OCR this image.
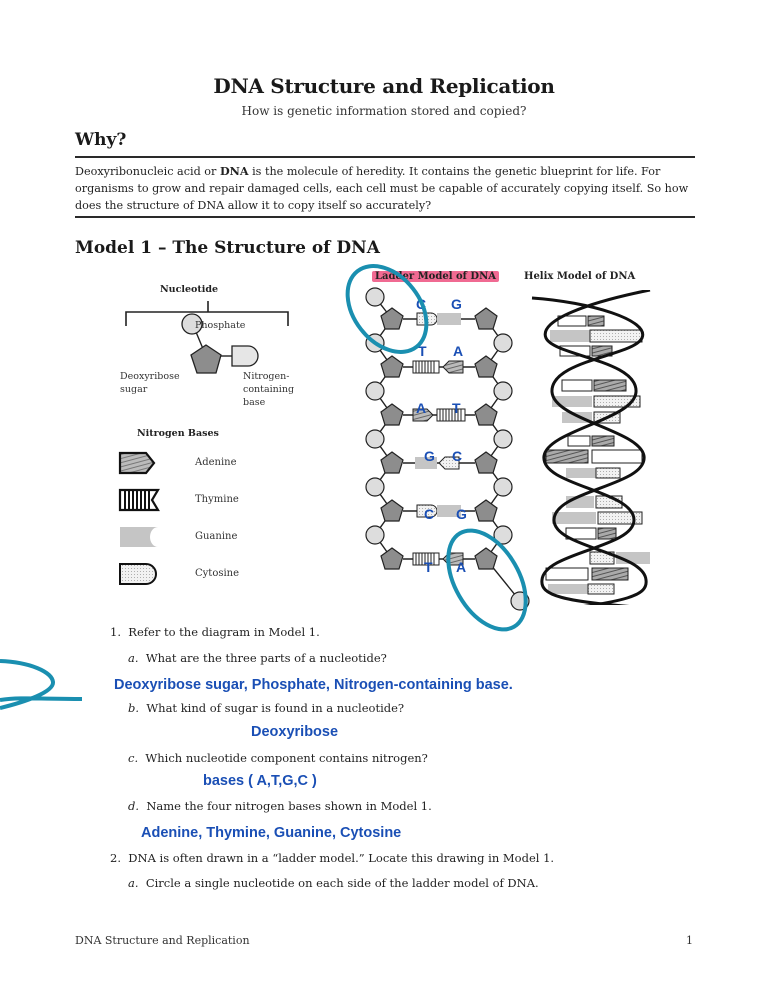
DNA Structure and Replication
How is genetic information stored and copied?
Why?
Deoxyribonucleic acid or DNA is the molecule of heredity. It contains the genetic blueprint for life. For organisms to grow and repair damaged cells, each cell must be capable of accurately copying itself. So how does the structure of DNA allow it to copy itself so accurately?
Model 1 – The Structure of DNA
Nucleotide
Phosphate
Deoxyribose
sugar
Nitrogen-
containing
base
Nitrogen Bases
Adenine
Thymine
Guanine
Cytosine
Ladder Model of DNA
C G
T A
A T
G C
C G
T A
Helix Model of DNA
1. Refer to the diagram in Model 1.
a. What are the three parts of a nucleotide?
Deoxyribose sugar, Phosphate, Nitrogen-containing base.
b. What kind of sugar is found in a nucleotide?
Deoxyribose
c. Which nucleotide component contains nitrogen?
bases ( A,T,G,C )
d. Name the four nitrogen bases shown in Model 1.
Adenine, Thymine, Guanine, Cytosine
2. DNA is often drawn in a “ladder model.” Locate this drawing in Model 1.
a. Circle a single nucleotide on each side of the ladder model of DNA.
DNA Structure and Replication	1
